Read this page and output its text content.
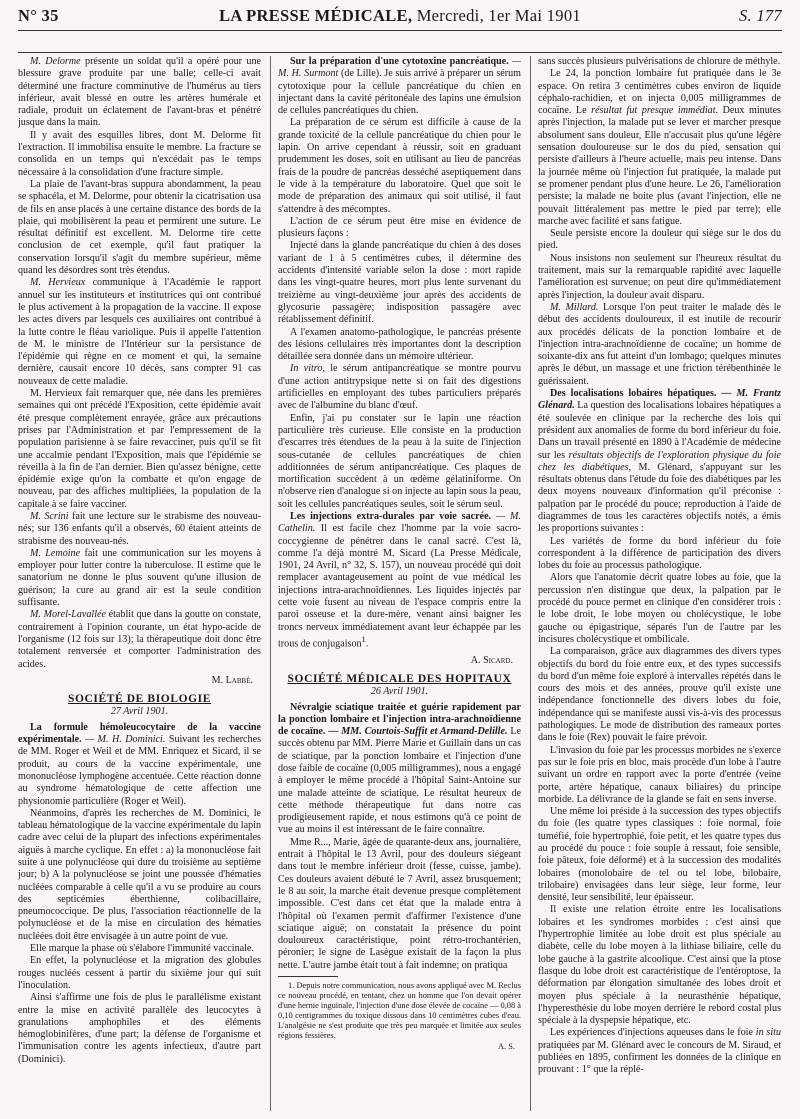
N° 35	LA PRESSE MÉDICALE, Mercredi, 1er Mai 1901	S. 177

M. Delorme présente un soldat qu'il a opéré pour une blessure grave produite par une balle; celle-ci avait déterminé une fracture comminutive de l'humérus au tiers inférieur, avait blessé en outre les artères humérale et radiale, produit un éclatement de l'avant-bras et pénétré jusque dans la main.

Il y avait des esquilles libres, dont M. Delorme fit l'extraction. Il immobilisa ensuite le membre. La fracture se consolida en un temps qui n'excédait pas le temps nécessaire à la consolidation d'une fracture simple.

La plaie de l'avant-bras suppura abondamment, la peau se sphacéla, et M. Delorme, pour obtenir la cicatrisation usa de fils en anse placés à une certaine distance des bords de la plaie, qui mobilisèrent la peau et permirent une suture. Le résultat définitif est excellent. M. Delorme tire cette conclusion de cet exemple, qu'il faut pratiquer la conservation lorsqu'il s'agit du membre supérieur, même quand les désordres sont très étendus.

M. Hervieux communique à l'Académie le rapport annuel sur les instituteurs et institutrices qui ont contribué le plus activement à la propagation de la vaccine. Il expose les actes divers par lesquels ces auxiliaires ont contribué à la lutte contre le fléau variolique. Puis il appelle l'attention de M. le ministre de l'Intérieur sur la persistance de l'épidémie qui règne en ce moment et qui, la semaine dernière, causait encore 10 décès, sans compter 91 cas nouveaux de cette maladie.

M. Hervieux fait remarquer que, née dans les premières semaines qui ont précédé l'Exposition, cette épidémie avait été presque complètement enrayée, grâce aux précautions prises par l'Administration et par l'empressement de la population parisienne à se faire revacciner, puis qu'il se fit une accalmie pendant l'Exposition, mais que l'épidémie se réveilla à la fin de l'an dernier. Bien qu'assez bénigne, cette épidémie exige qu'on la combatte et qu'on engage de nouveau, par des affiches multipliées, la population de la capitale à se faire vacciner.

M. Scrini fait une lecture sur le strabisme des nouveau-nés; sur 136 enfants qu'il a observés, 60 étaient atteints de strabisme des nouveau-nés.

M. Lemoine fait une communication sur les moyens à employer pour lutter contre la tuberculose. Il estime que le sanatorium ne donne le plus souvent qu'une illusion de guérison; la cure au grand air est la seule condition suffisante.

M. Morel-Lavallée établit que dans la goutte on constate, contrairement à l'opinion courante, un état hypo-acide de l'organisme (12 fois sur 13); la thérapeutique doit donc être totalement renversée et comporter l'administration des acides.

M. Labbé.
SOCIÉTÉ DE BIOLOGIE
27 Avril 1901.

La formule hémoleucocytaire de la vaccine expérimentale. — M. H. Dominici. Suivant les recherches de MM. Roger et Weil et de MM. Enriquez et Sicard, il se produit, au cours de la vaccine expérimentale, une mononucléose lymphogène accentuée. Cette réaction donne au syndrome hématologique de cette affection une physionomie particulière (Roger et Weil).

Néanmoins, d'après les recherches de M. Dominici, le tableau hématologique de la vaccine expérimentale du lapin cadre avec celui de la plupart des infections expérimentales aiguës à marche cyclique. En effet : a) la mononucléose fait suite à une polynucléose qui dure du troisième au septième jour; b) A la polynucléose se joint une poussée d'hématies nucléées comparable à celle qu'il a vu se produire au cours des septicémies éberthienne, colibacillaire, pneumococcique. De plus, l'association réactionnelle de la polynucléose et de la mise en circulation des hématies nucléées doit être envisagée à un autre point de vue.

Elle marque la phase où s'élabore l'immunité vaccinale.

En effet, la polynucléose et la migration des globules rouges nucléés cessent à partir du sixième jour qui suit l'inoculation.

Ainsi s'affirme une fois de plus le parallélisme existant entre la mise en activité parallèle des leucocytes à granulations amphophiles et des éléments hémoglobinifères, d'une part; la défense de l'organisme et l'immunisation contre les agents infectieux, d'autre part (Dominici).

Sur la préparation d'une cytotoxine pancréatique. — M. H. Surmont (de Lille). Je suis arrivé à préparer un sérum cytotoxique pour la cellule pancréatique du chien en injectant dans la cavité péritonéale des lapins une émulsion de cellules pancréatiques du chien.

La préparation de ce sérum est difficile à cause de la grande toxicité de la cellule pancréatique du chien pour le lapin. On arrive cependant à réussir, soit en graduant prudemment les doses, soit en utilisant au lieu de pancréas frais de la poudre de pancréas desséché aseptiquement dans le vide à la température du laboratoire. Quel que soit le mode de préparation des animaux qui soit utilisé, il faut s'attendre à des mécomptes.

L'action de ce sérum peut être mise en évidence de plusieurs façons :

Injecté dans la glande pancréatique du chien à des doses variant de 1 à 5 centimètres cubes, il détermine des accidents d'intensité variable selon la dose : mort rapide dans les vingt-quatre heures, mort plus lente survenant du treizième au vingt-deuxième jour après des accidents de glycosurie passagère; indisposition passagère avec rétablissement définitif.

A l'examen anatomo-pathologique, le pancréas présente des lésions cellulaires très importantes dont la description détaillée sera donnée dans un mémoire ultérieur.

In vitro, le sérum antipancréatique se montre pourvu d'une action antitrypsique nette si on fait des digestions artificielles en employant des tubes particuliers préparés avec de l'albumine du blanc d'œuf.

Enfin, j'ai pu constater sur le lapin une réaction particulière très curieuse. Elle consiste en la production d'escarres très étendues de la peau à la suite de l'injection sous-cutanée de cellules pancréatiques de chien additionnées de sérum antipancréatique. Ces plaques de mortification succèdent à un œdème gélatiniforme. On n'observe rien d'analogue si on injecte au lapin sous la peau, soit les cellules pancréatiques seules, soit le sérum seul.

Les injections extra-durales par voie sacrée. — M. Cathelin. Il est facile chez l'homme par la voie sacro-coccygienne de pénétrer dans le canal sacré. C'est là, comme l'a déjà montré M. Sicard (La Presse Médicale, 1901, 24 Avril, n° 32, S. 157), un nouveau procédé qui doit remplacer avantageusement au point de vue médical les injections intra-arachnoïdiennes. Les liquides injectés par cette voie fusent au niveau de l'espace compris entre la paroi osseuse et la dure-mère, venant ainsi baigner les troncs nerveux immédiatement avant leur échappée par les trous de conjugaison$^1$.

A. Sicard.
SOCIÉTÉ MÉDICALE DES HOPITAUX
26 Avril 1901.

Névralgie sciatique traitée et guérie rapidement par la ponction lombaire et l'injection intra-arachnoïdienne de cocaïne. — MM. Courtois-Suffit et Armand-Delille. Le succès obtenu par MM. Pierre Marie et Guillain dans un cas de sciatique, par la ponction lombaire et l'injection d'une dose faible de cocaïne (0,005 milligrammes), nous a engagé à employer le même procédé à l'hôpital Saint-Antoine sur une malade atteinte de sciatique. Le résultat heureux de cette méthode thérapeutique fut dans notre cas prodigieusement rapide, et nous estimons qu'à ce point de vue au moins il est intéressant de le faire connaître.

Mme R..., Marie, âgée de quarante-deux ans, journalière, entrait à l'hôpital le 13 Avril, pour des douleurs siégeant dans tout le membre inférieur droit (fesse, cuisse, jambe). Ces douleurs avaient débuté le 7 Avril, assez brusquement; le 8 au soir, la marche était devenue presque complètement impossible. C'est dans cet état que la malade entra à l'hôpital où l'examen permit d'affirmer l'existence d'une sciatique aiguë; on constatait la présence du point douloureux caractéristique, point rétro-trochantérien, péronier; le signe de Lasègue existait de la façon la plus nette. L'autre jambe était tout à fait indemne; on pratiqua

1. Depuis notre communication, nous avons appliqué avec M. Reclus ce nouveau procédé, en tentant, chez un homme que l'on devait opérer d'une hernie inguinale, l'injection d'une dose élevée de cocaïne — 0,08 à 0,10 centigrammes du toxique dissous dans 10 centimètres cubes d'eau. L'analgésie ne s'est produite que très peu marquée et limitée aux seules régions fessières.

A. S.

sans succès plusieurs pulvérisations de chlorure de méthyle.

Le 24, la ponction lombaire fut pratiquée dans le 3e espace. On retira 3 centimètres cubes environ de liquide céphalo-rachidien, et on injecta 0,005 milligrammes de cocaïne. Le résultat fut presque immédiat. Deux minutes après l'injection, la malade put se lever et marcher presque absolument sans douleur, Elle n'accusait plus qu'une légère sensation douloureuse sur le dos du pied, sensation qui persiste d'ailleurs à l'heure actuelle, mais peu intense. Dans la journée même où l'injection fut pratiquée, la malade put se promener pendant plus d'une heure. Le 26, l'amélioration persiste; la malade ne boite plus (avant l'injection, elle ne pouvait littéralement pas mettre le pied par terre); elle marche avec facilité et sans fatigue.

Seule persiste encore la douleur qui siège sur le dos du pied.

Nous insistons non seulement sur l'heureux résultat du traitement, mais sur la remarquable rapidité avec laquelle l'amélioration est survenue; on peut dire qu'immédiatement après l'injection, la douleur avait disparu.

M. Millard. Lorsque l'on peut traiter le malade dès le début des accidents douloureux, il est inutile de recourir aux procédés délicats de la ponction lombaire et de l'injection intra-arachnoïdienne de cocaïne; un homme de soixante-dix ans fut atteint d'un lombago; quelques minutes après le début, un massage et une friction térébenthinée le guérissaient.

Des localisations lobaires hépatiques. — M. Frantz Glénard. La question des localisations lobaires hépatiques a été soulevée en clinique par la recherche des lois qui président aux anomalies de forme du bord inférieur du foie. Dans un travail présenté en 1890 à l'Académie de médecine sur les résultats objectifs de l'exploration physique du foie chez les diabétiques, M. Glénard, s'appuyant sur les résultats obtenus dans l'étude du foie des diabétiques par les deux moyens nouveaux d'information qu'il préconise : palpation par le procédé du pouce; reproduction à l'aide de diagrammes de tous les caractères objectifs notés, a émis les proportions suivantes :

Les variétés de forme du bord inférieur du foie correspondent à la différence de participation des divers lobes du foie au processus pathologique.

Alors que l'anatomie décrit quatre lobes au foie, que la percussion n'en distingue que deux, la palpation par le procédé du pouce permet en clinique d'en considérer trois : le lobe droit, le lobe moyen ou cholécystique, le lobe gauche ou épigastrique, séparés l'un de l'autre par les incisures cholécystique et ombilicale.

La comparaison, grâce aux diagrammes des divers types objectifs du bord du foie entre eux, et des types successifs du bord d'un même foie exploré à intervalles répétés dans le cours des mois et des années, prouve qu'il existe une indépendance fonctionnelle des divers lobes du foie, indépendance qui se manifeste aussi vis-à-vis des processus pathologiques. Le mode de distribution des rameaux portes dans le foie (Rex) pouvait le faire prévoir.

L'invasion du foie par les processus morbides ne s'exerce pas sur le foie pris en bloc, mais procède d'un lobe à l'autre suivant un ordre en rapport avec la porte d'entrée (veine porte, artère hépatique, canaux biliaires) du principe morbide. La délivrance de la glande se fait en sens inverse.

Une même loi préside à la succession des types objectifs du foie (les quatre types classiques : foie normal, foie tuméfié, foie hypertrophié, foie petit, et les quatre types dus au procédé du pouce : foie souple à ressaut, foie sensible, foie pâteux, foie déformé) et à la succession des modalités lobaires (monolobaire de tel ou tel lobe, bilobaire, trilobaire) envisagées dans leur siège, leur forme, leur densité, leur sensibilité, leur épaisseur.

Il existe une relation étroite entre les localisations lobaires et les syndromes morbides : c'est ainsi que l'hypertrophie limitée au lobe droit est plus spéciale au diabète, celle du lobe moyen à la lithiase biliaire, celle du lobe gauche à la gastrite alcoolique. C'est ainsi que la ptose flasque du lobe droit est caractéristique de l'entéroptose, la déformation par élongation simultanée des lobes droit et moyen plus spéciale à la neurasthénie hépatique, l'hyperesthésie du lobe moyen derrière le rebord costal plus spéciale à la dyspepsie hépatique, etc.

Les expériences d'injections aqueuses dans le foie in situ pratiquées par M. Glénard avec le concours de M. Siraud, et publiées en 1895, confirment les données de la clinique en prouvant : 1° que la réplé-
